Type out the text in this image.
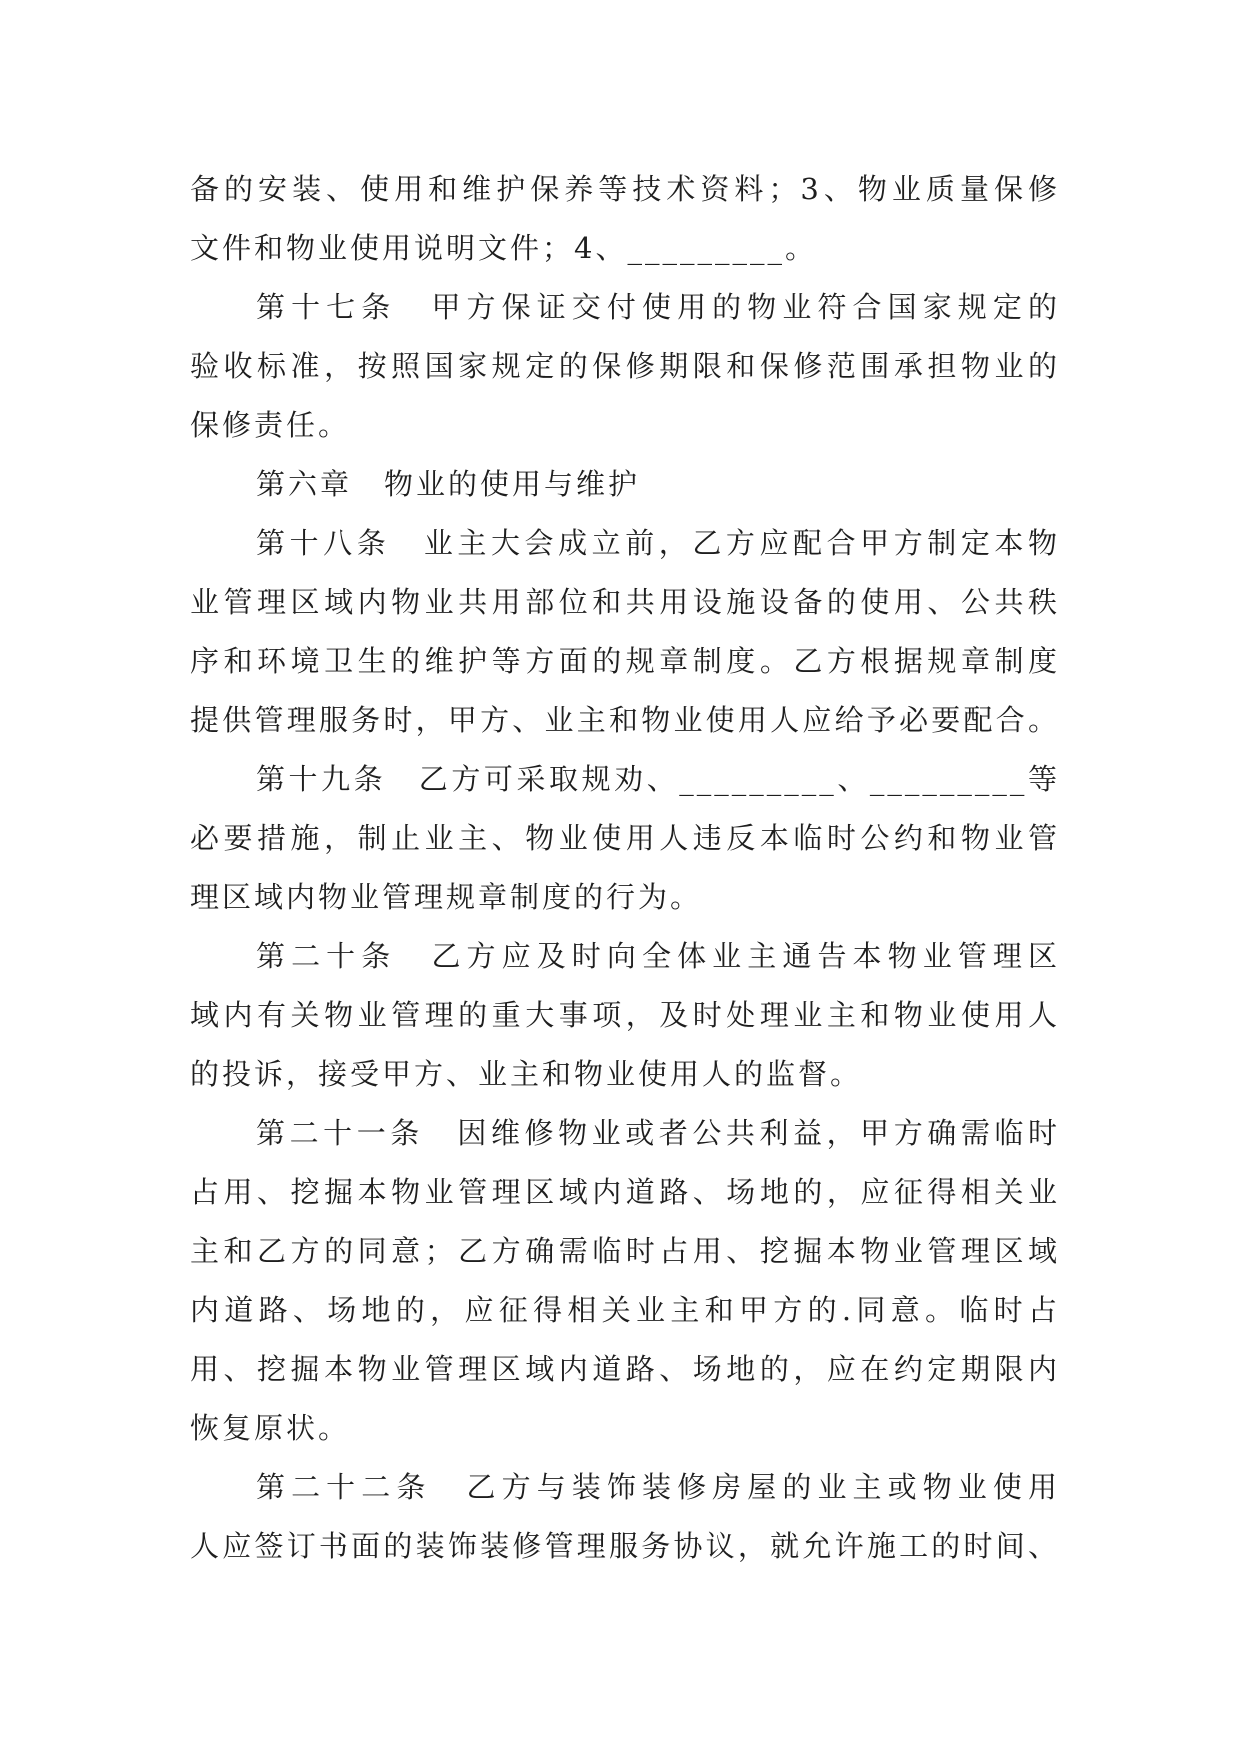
备的安装、使用和维护保养等技术资料；3、物业质量保修
文件和物业使用说明文件；4、_________。
第十七条　甲方保证交付使用的物业符合国家规定的
验收标准，按照国家规定的保修期限和保修范围承担物业的
保修责任。
第六章　物业的使用与维护
第十八条　业主大会成立前，乙方应配合甲方制定本物
业管理区域内物业共用部位和共用设施设备的使用、公共秩
序和环境卫生的维护等方面的规章制度。乙方根据规章制度
提供管理服务时，甲方、业主和物业使用人应给予必要配合。
第十九条　乙方可采取规劝、_________、_________等
必要措施，制止业主、物业使用人违反本临时公约和物业管
理区域内物业管理规章制度的行为。
第二十条　乙方应及时向全体业主通告本物业管理区
域内有关物业管理的重大事项，及时处理业主和物业使用人
的投诉，接受甲方、业主和物业使用人的监督。
第二十一条　因维修物业或者公共利益，甲方确需临时
占用、挖掘本物业管理区域内道路、场地的，应征得相关业
主和乙方的同意；乙方确需临时占用、挖掘本物业管理区域
内道路、场地的，应征得相关业主和甲方的.同意。临时占
用、挖掘本物业管理区域内道路、场地的，应在约定期限内
恢复原状。
第二十二条　乙方与装饰装修房屋的业主或物业使用
人应签订书面的装饰装修管理服务协议，就允许施工的时间、
